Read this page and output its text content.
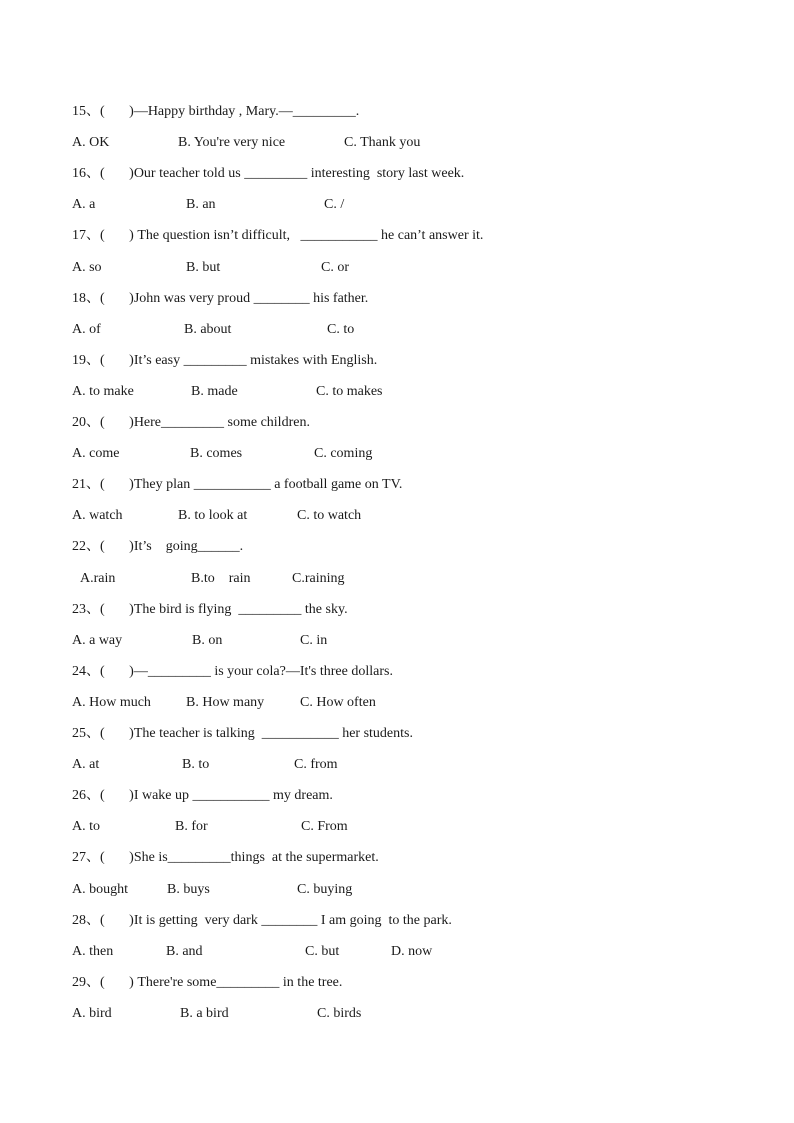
15、(       )—Happy birthday , Mary.—_________.
A. OK	B. You're very nice	C. Thank you
16、(       )Our teacher told us _________ interesting  story last week.
A. a	B. an	C. /
17、(       ) The question isn’t difficult,   ___________ he can’t answer it.
A. so	B. but	C. or
18、(       )John was very proud ________ his father.
A. of	B. about	C. to
19、(       )It’s easy _________ mistakes with English.
A. to make	B. made	C. to makes
20、(       )Here_________ some children.
A. come	B. comes	C. coming
21、(       )They plan ___________ a football game on TV.
A. watch	B. to look at	C. to watch
22、(       )It’s    going______.
A.rain	B.to    rain	C.raining
23、(       )The bird is flying  _________ the sky.
A. a way	B. on	C. in
24、(       )—_________ is your cola?—It's three dollars.
A. How much	B. How many	C. How often
25、(       )The teacher is talking  ___________ her students.
A. at	B. to	C. from
26、(       )I wake up ___________ my dream.
A. to	B. for	C. From
27、(       )She is_________things  at the supermarket.
A. bought	B. buys	C. buying
28、(       )It is getting  very dark ________ I am going  to the park.
A. then	B. and	C. but	D. now
29、(       ) There're some_________ in the tree.
A. bird	B. a bird	C. birds
